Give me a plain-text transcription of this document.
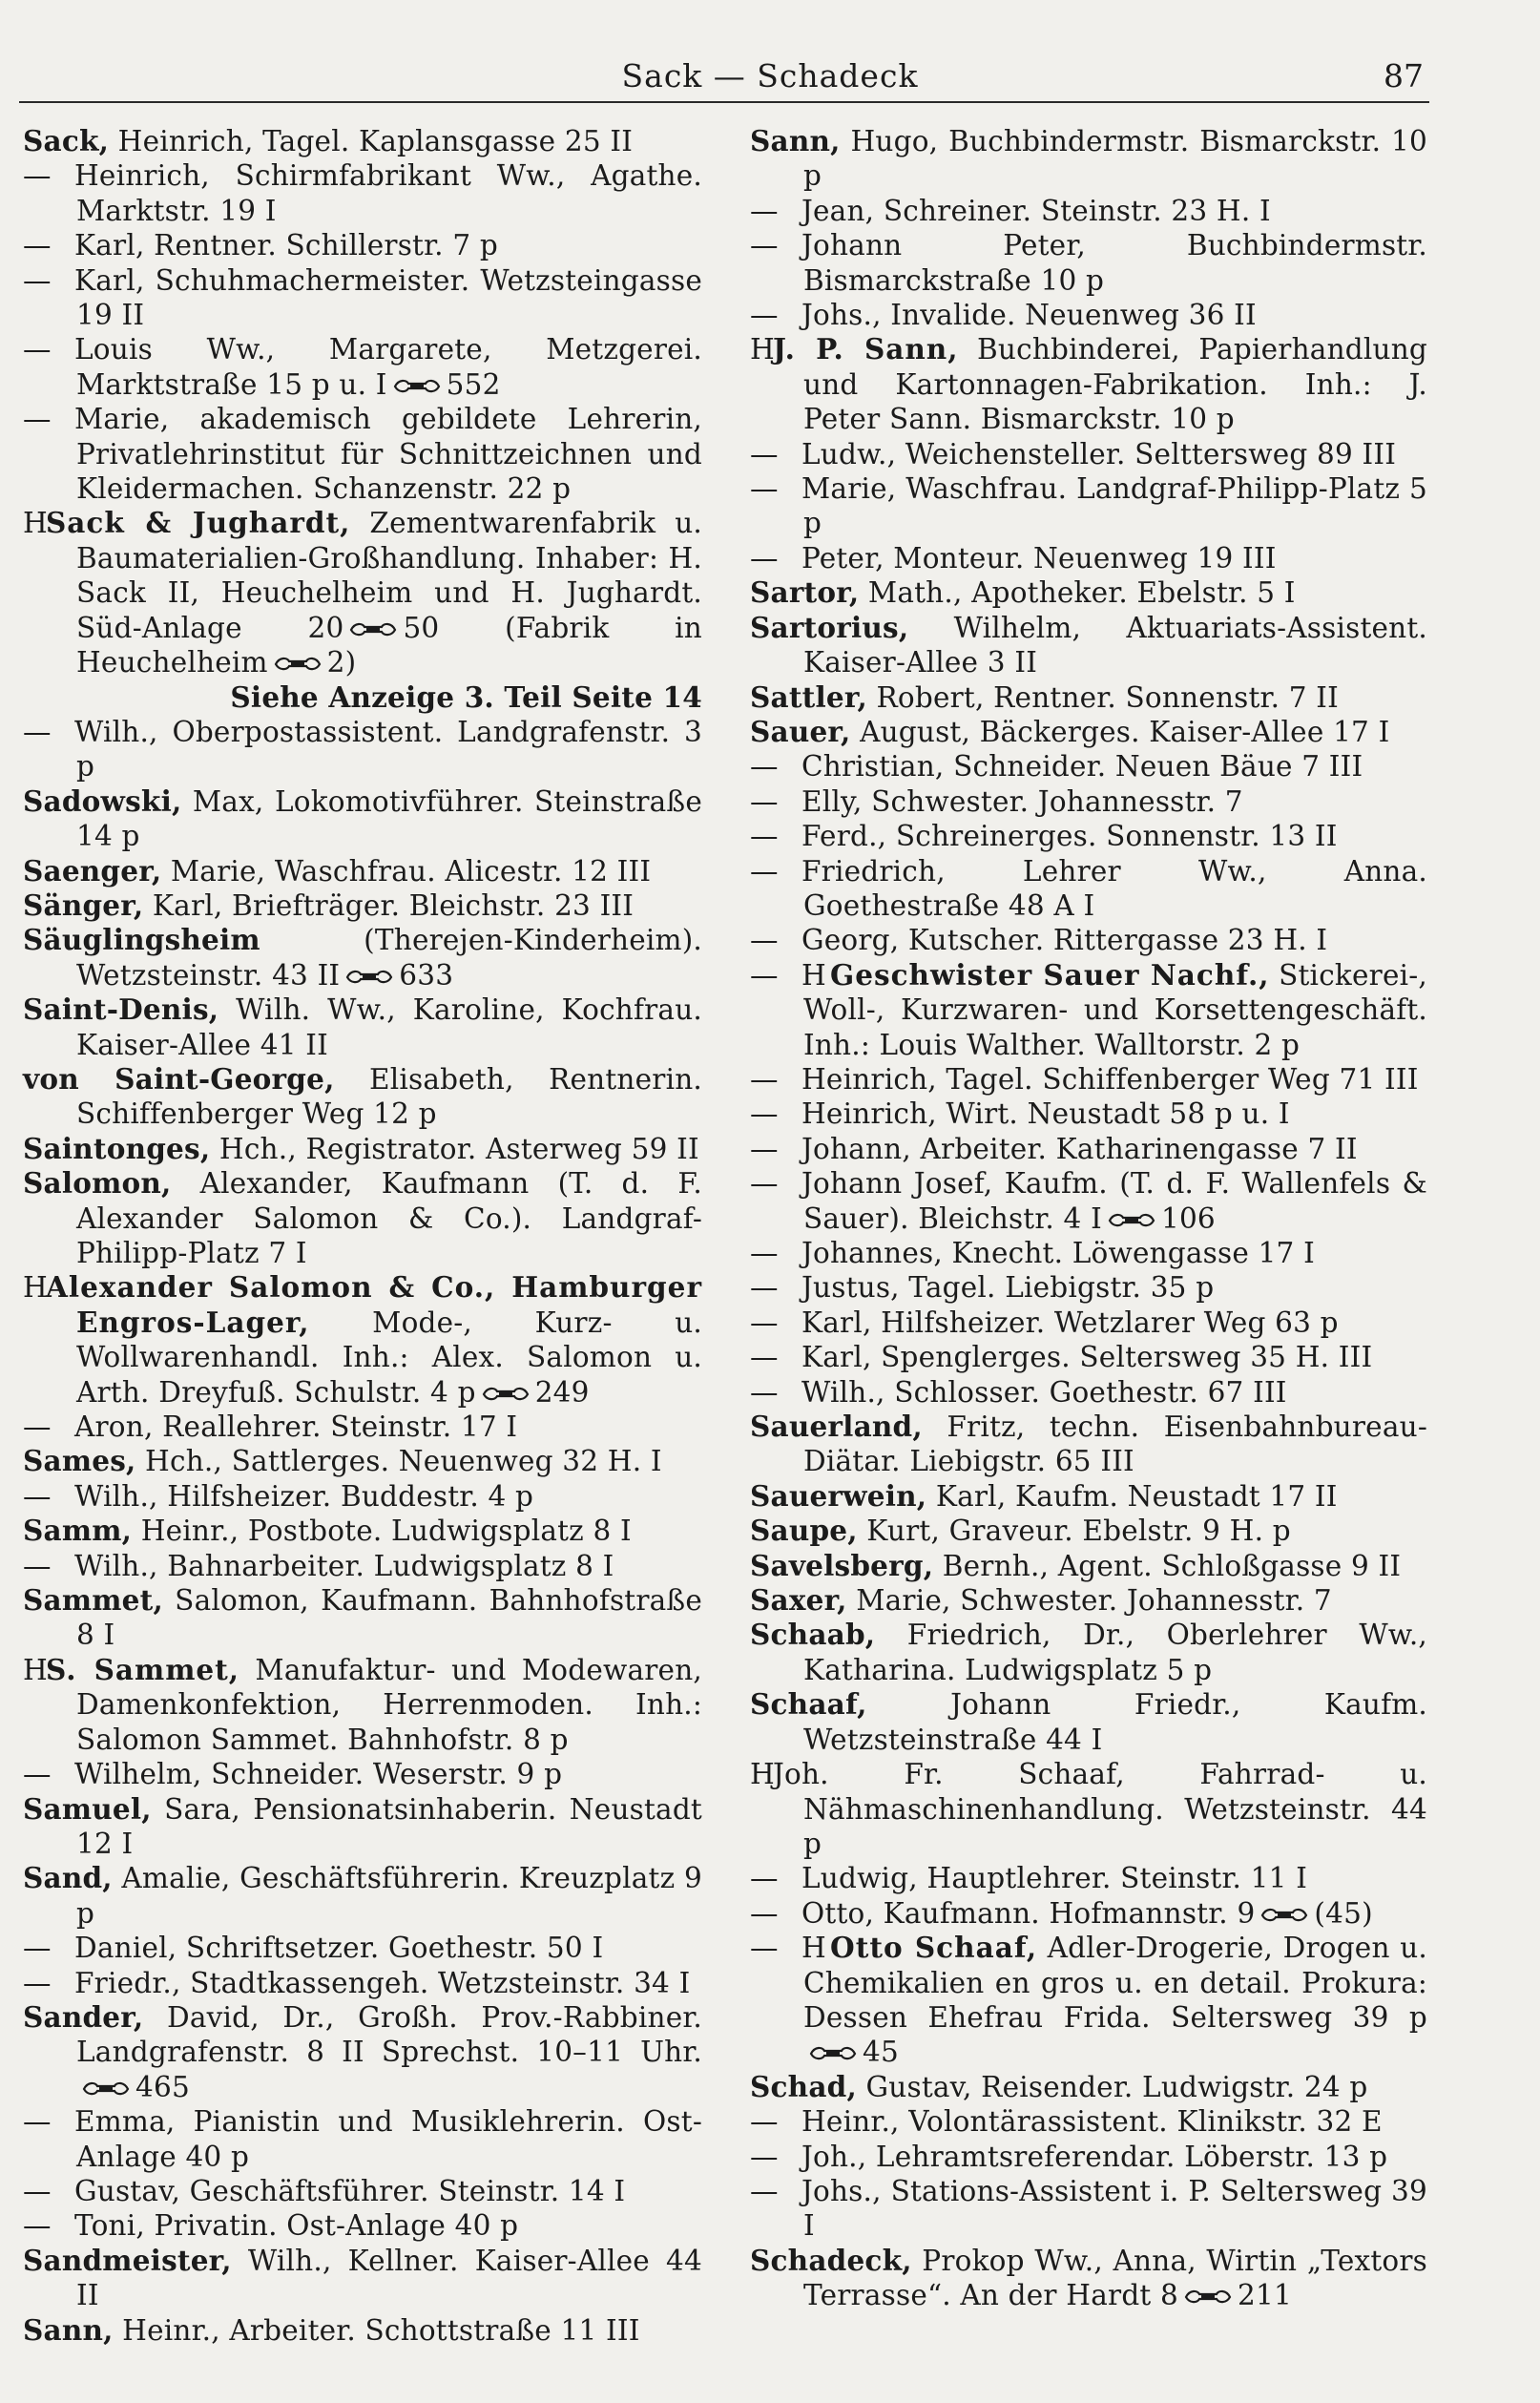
Sack — Schadeck	87
Sack, Heinrich, Tagel. Kaplansgasse 25 II
— Heinrich, Schirmfabrikant Ww., Agathe. Marktstr. 19 I
— Karl, Rentner. Schillerstr. 7 p
— Karl, Schuhmachermeister. Wetzsteingasse 19 II
— Louis Ww., Margarete, Metzgerei. Marktstraße 15 p u. I 552
— Marie, akademisch gebildete Lehrerin, Privatlehrinstitut für Schnittzeichnen und Kleidermachen. Schanzenstr. 22 p
HSack & Jughardt, Zementwarenfabrik u. Baumaterialien-Großhandlung. Inhaber: H. Sack II, Heuchelheim und H. Jughardt. Süd-Anlage 20 50 (Fabrik in Heuchelheim 2)
Siehe Anzeige 3. Teil Seite 14
— Wilh., Oberpostassistent. Landgrafenstr. 3 p
Sadowski, Max, Lokomotivführer. Steinstraße 14 p
Saenger, Marie, Waschfrau. Alicestr. 12 III
Sänger, Karl, Briefträger. Bleichstr. 23 III
Säuglingsheim (Therejen-Kinderheim). Wetzsteinstr. 43 II 633
Saint-Denis, Wilh. Ww., Karoline, Kochfrau. Kaiser-Allee 41 II
von Saint-George, Elisabeth, Rentnerin. Schiffenberger Weg 12 p
Saintonges, Hch., Registrator. Asterweg 59 II
Salomon, Alexander, Kaufmann (T. d. F. Alexander Salomon & Co.). Landgraf-Philipp-Platz 7 I
HAlexander Salomon & Co., Hamburger Engros-Lager, Mode-, Kurz- u. Wollwarenhandl. Inh.: Alex. Salomon u. Arth. Dreyfuß. Schulstr. 4 p 249
— Aron, Reallehrer. Steinstr. 17 I
Sames, Hch., Sattlerges. Neuenweg 32 H. I
— Wilh., Hilfsheizer. Buddestr. 4 p
Samm, Heinr., Postbote. Ludwigsplatz 8 I
— Wilh., Bahnarbeiter. Ludwigsplatz 8 I
Sammet, Salomon, Kaufmann. Bahnhofstraße 8 I
HS. Sammet, Manufaktur- und Modewaren, Damenkonfektion, Herrenmoden. Inh.: Salomon Sammet. Bahnhofstr. 8 p
— Wilhelm, Schneider. Weserstr. 9 p
Samuel, Sara, Pensionatsinhaberin. Neustadt 12 I
Sand, Amalie, Geschäftsführerin. Kreuzplatz 9 p
— Daniel, Schriftsetzer. Goethestr. 50 I
— Friedr., Stadtkassengeh. Wetzsteinstr. 34 I
Sander, David, Dr., Großh. Prov.-Rabbiner. Landgrafenstr. 8 II Sprechst. 10–11 Uhr.465
— Emma, Pianistin und Musiklehrerin. Ost-Anlage 40 p
— Gustav, Geschäftsführer. Steinstr. 14 I
— Toni, Privatin. Ost-Anlage 40 p
Sandmeister, Wilh., Kellner. Kaiser-Allee 44 II
Sann, Heinr., Arbeiter. Schottstraße 11 III
Sann, Hugo, Buchbindermstr. Bismarckstr. 10 p
— Jean, Schreiner. Steinstr. 23 H. I
— Johann Peter, Buchbindermstr. Bismarckstraße 10 p
— Johs., Invalide. Neuenweg 36 II
HJ. P. Sann, Buchbinderei, Papierhandlung und Kartonnagen-Fabrikation. Inh.: J. Peter Sann. Bismarckstr. 10 p
— Ludw., Weichensteller. Selttersweg 89 III
— Marie, Waschfrau. Landgraf-Philipp-Platz 5 p
— Peter, Monteur. Neuenweg 19 III
Sartor, Math., Apotheker. Ebelstr. 5 I
Sartorius, Wilhelm, Aktuariats-Assistent. Kaiser-Allee 3 II
Sattler, Robert, Rentner. Sonnenstr. 7 II
Sauer, August, Bäckerges. Kaiser-Allee 17 I
— Christian, Schneider. Neuen Bäue 7 III
— Elly, Schwester. Johannesstr. 7
— Ferd., Schreinerges. Sonnenstr. 13 II
— Friedrich, Lehrer Ww., Anna. Goethestraße 48 A I
— Georg, Kutscher. Rittergasse 23 H. I
— H Geschwister Sauer Nachf., Stickerei-, Woll-, Kurzwaren- und Korsettengeschäft. Inh.: Louis Walther. Walltorstr. 2 p
— Heinrich, Tagel. Schiffenberger Weg 71 III
— Heinrich, Wirt. Neustadt 58 p u. I
— Johann, Arbeiter. Katharinengasse 7 II
— Johann Josef, Kaufm. (T. d. F. Wallenfels & Sauer). Bleichstr. 4 I 106
— Johannes, Knecht. Löwengasse 17 I
— Justus, Tagel. Liebigstr. 35 p
— Karl, Hilfsheizer. Wetzlarer Weg 63 p
— Karl, Spenglerges. Seltersweg 35 H. III
— Wilh., Schlosser. Goethestr. 67 III
Sauerland, Fritz, techn. Eisenbahnbureau-Diätar. Liebigstr. 65 III
Sauerwein, Karl, Kaufm. Neustadt 17 II
Saupe, Kurt, Graveur. Ebelstr. 9 H. p
Savelsberg, Bernh., Agent. Schloßgasse 9 II
Saxer, Marie, Schwester. Johannesstr. 7
Schaab, Friedrich, Dr., Oberlehrer Ww., Katharina. Ludwigsplatz 5 p
Schaaf, Johann Friedr., Kaufm. Wetzsteinstraße 44 I
HJoh. Fr. Schaaf, Fahrrad- u. Nähmaschinenhandlung. Wetzsteinstr. 44 p
— Ludwig, Hauptlehrer. Steinstr. 11 I
— Otto, Kaufmann. Hofmannstr. 9 (45)
— H Otto Schaaf, Adler-Drogerie, Drogen u. Chemikalien en gros u. en detail. Prokura: Dessen Ehefrau Frida. Seltersweg 39 p45
Schad, Gustav, Reisender. Ludwigstr. 24 p
— Heinr., Volontärassistent. Klinikstr. 32 E
— Joh., Lehramtsreferendar. Löberstr. 13 p
— Johs., Stations-Assistent i. P. Seltersweg 39 I
Schadeck, Prokop Ww., Anna, Wirtin „Textors Terrasse“. An der Hardt 8 211
